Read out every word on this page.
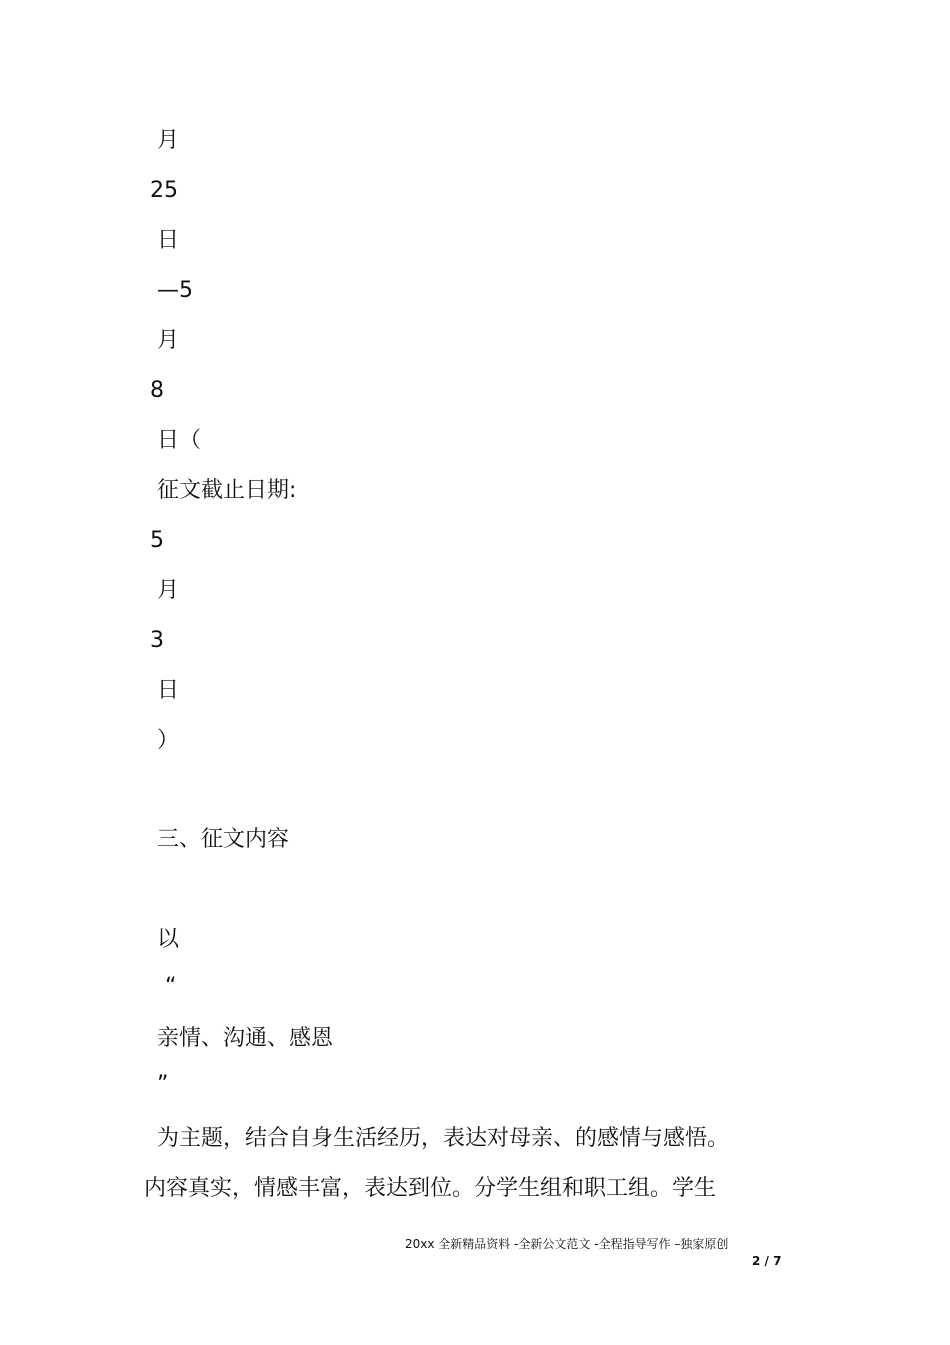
月
25
日
—5
月
8
日（
征文截止日期:
5
月
3
日
）
三、征文内容
以
“
亲情、沟通、感恩
”
为主题，结合自身生活经历，表达对母亲、的感情与感悟。
内容真实，情感丰富，表达到位。分学生组和职工组。学生
20xx 全新精品资料 -全新公文范文 -全程指导写作 –独家原创
2 / 7
